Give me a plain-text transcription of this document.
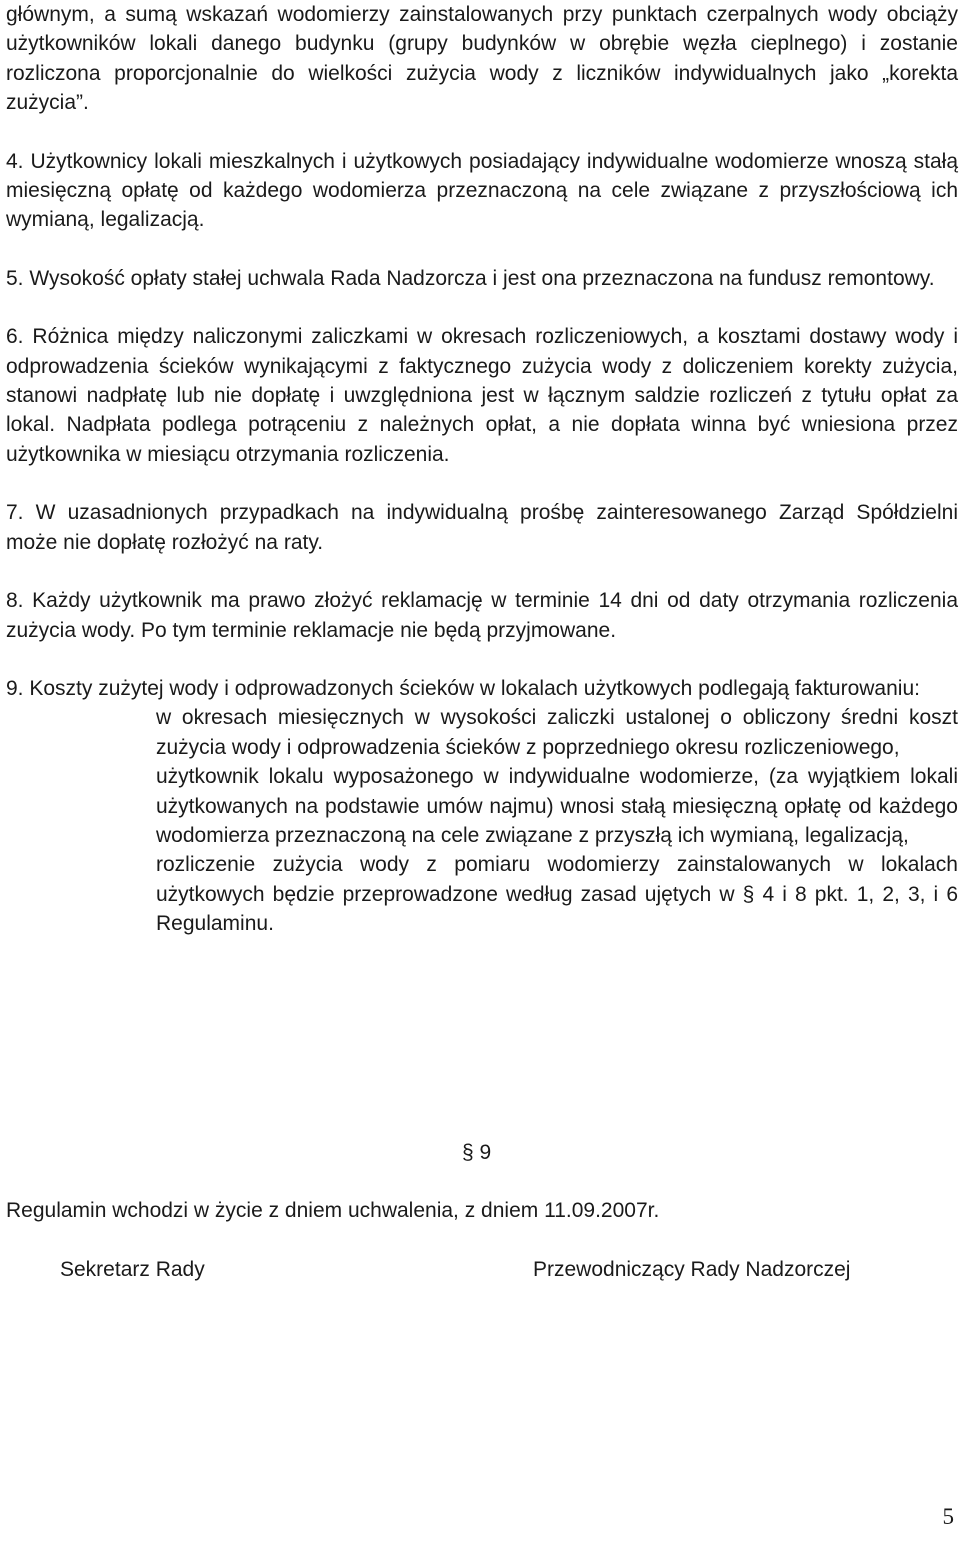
głównym, a sumą wskazań wodomierzy zainstalowanych przy punktach czerpalnych wody obciąży użytkowników lokali danego budynku (grupy budynków w obrębie węzła cieplnego) i zostanie rozliczona proporcjonalnie do wielkości zużycia wody z liczników indywidualnych jako „korekta zużycia”.

4. Użytkownicy lokali mieszkalnych i użytkowych posiadający indywidualne wodomierze wnoszą stałą miesięczną opłatę od każdego wodomierza przeznaczoną na cele związane z przyszłościową ich wymianą, legalizacją.

5. Wysokość opłaty stałej uchwala Rada Nadzorcza i jest ona przeznaczona na fundusz remontowy.

6. Różnica między naliczonymi zaliczkami w okresach rozliczeniowych, a kosztami dostawy wody i odprowadzenia ścieków wynikającymi z faktycznego zużycia wody z doliczeniem korekty zużycia, stanowi nadpłatę lub nie dopłatę i uwzględniona jest w łącznym saldzie rozliczeń z tytułu opłat za lokal. Nadpłata podlega potrąceniu z należnych opłat, a nie dopłata winna być wniesiona przez użytkownika w miesiącu otrzymania rozliczenia.

7. W uzasadnionych przypadkach na indywidualną prośbę zainteresowanego Zarząd Spółdzielni może nie dopłatę rozłożyć na raty.

8. Każdy użytkownik ma prawo złożyć reklamację w terminie 14 dni od daty otrzymania rozliczenia zużycia wody. Po tym terminie reklamacje nie będą przyjmowane.

9. Koszty zużytej wody i odprowadzonych ścieków w lokalach użytkowych podlegają fakturowaniu:

w okresach miesięcznych w wysokości zaliczki ustalonej o obliczony średni koszt zużycia wody i odprowadzenia ścieków z poprzedniego okresu rozliczeniowego,

użytkownik lokalu wyposażonego w indywidualne wodomierze, (za wyjątkiem lokali użytkowanych na podstawie umów najmu) wnosi stałą miesięczną opłatę od każdego wodomierza przeznaczoną na cele związane z przyszłą ich wymianą, legalizacją,

rozliczenie zużycia wody z pomiaru wodomierzy zainstalowanych w lokalach użytkowych będzie przeprowadzone według zasad ujętych w § 4 i 8 pkt. 1, 2, 3, i 6 Regulaminu.

§ 9
Regulamin wchodzi w życie z dniem uchwalenia, z dniem 11.09.2007r.
Sekretarz Rady	Przewodniczący Rady Nadzorczej
5
